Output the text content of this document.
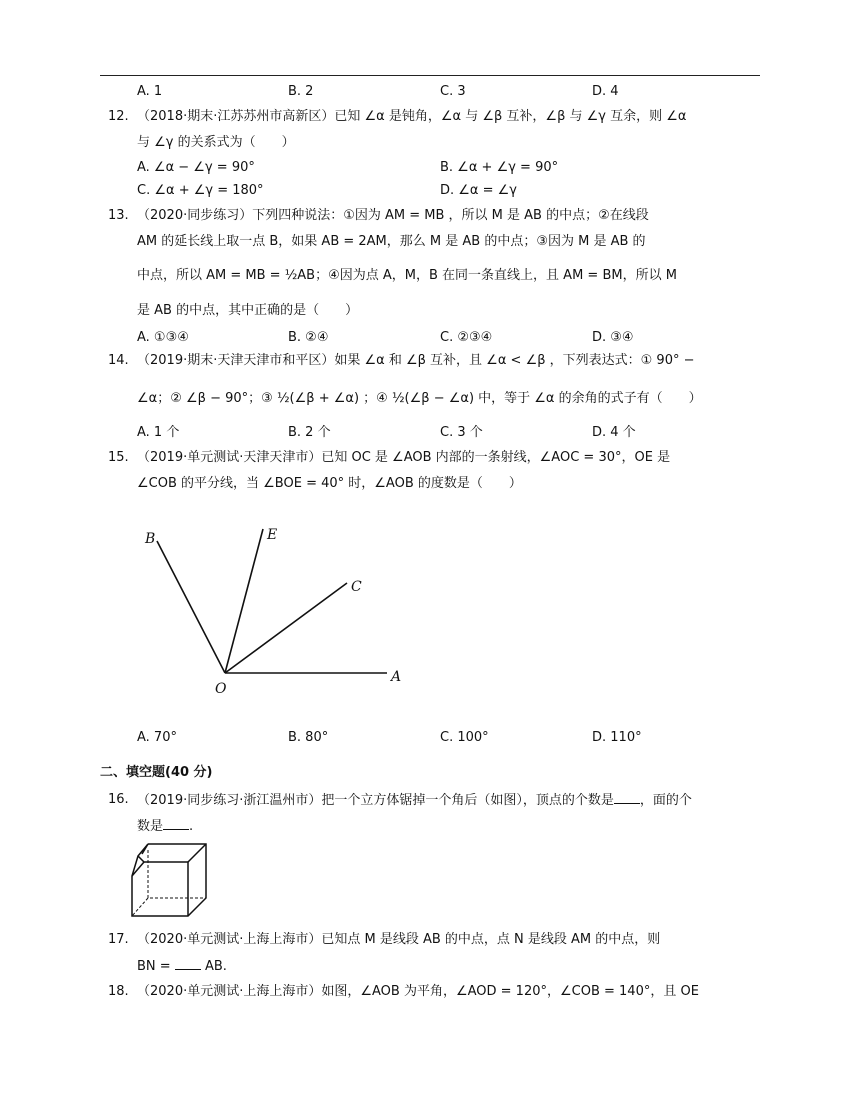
A. 1	B. 2	C. 3	D. 4
12. （2018·期末·江苏苏州市高新区）已知 ∠α 是钝角，∠α 与 ∠β 互补，∠β 与 ∠γ 互余，则 ∠α
与 ∠γ 的关系式为（　　）
A. ∠α − ∠γ = 90°	B. ∠α + ∠γ = 90°
C. ∠α + ∠γ = 180°	D. ∠α = ∠γ
13. （2020·同步练习）下列四种说法：①因为 AM = MB ，所以 M 是 AB 的中点；②在线段
AM 的延长线上取一点 B，如果 AB = 2AM，那么 M 是 AB 的中点；③因为 M 是 AB 的
中点，所以 AM = MB = ½AB；④因为点 A，M，B 在同一条直线上，且 AM = BM，所以 M
是 AB 的中点，其中正确的是（　　）
A. ①③④	B. ②④	C. ②③④	D. ③④
14. （2019·期末·天津天津市和平区）如果 ∠α 和 ∠β 互补，且 ∠α < ∠β ，下列表达式：① 90° −
∠α；② ∠β − 90°；③ ½(∠β + ∠α) ；④ ½(∠β − ∠α) 中，等于 ∠α 的余角的式子有（　　）
A. 1 个	B. 2 个	C. 3 个	D. 4 个
15. （2019·单元测试·天津天津市）已知 OC 是 ∠AOB 内部的一条射线，∠AOC = 30°，OE 是
∠COB 的平分线，当 ∠BOE = 40° 时，∠AOB 的度数是（　　）
B	E
C
O
A
A. 70°	B. 80°	C. 100°	D. 110°
二、填空题(40 分)
16. （2019·同步练习·浙江温州市）把一个立方体锯掉一个角后（如图），顶点的个数是 ，面的个
数是 .
17. （2020·单元测试·上海上海市）已知点 M 是线段 AB 的中点，点 N 是线段 AM 的中点，则
BN =  AB.
18. （2020·单元测试·上海上海市）如图，∠AOB 为平角，∠AOD = 120°，∠COB = 140°，且 OE
